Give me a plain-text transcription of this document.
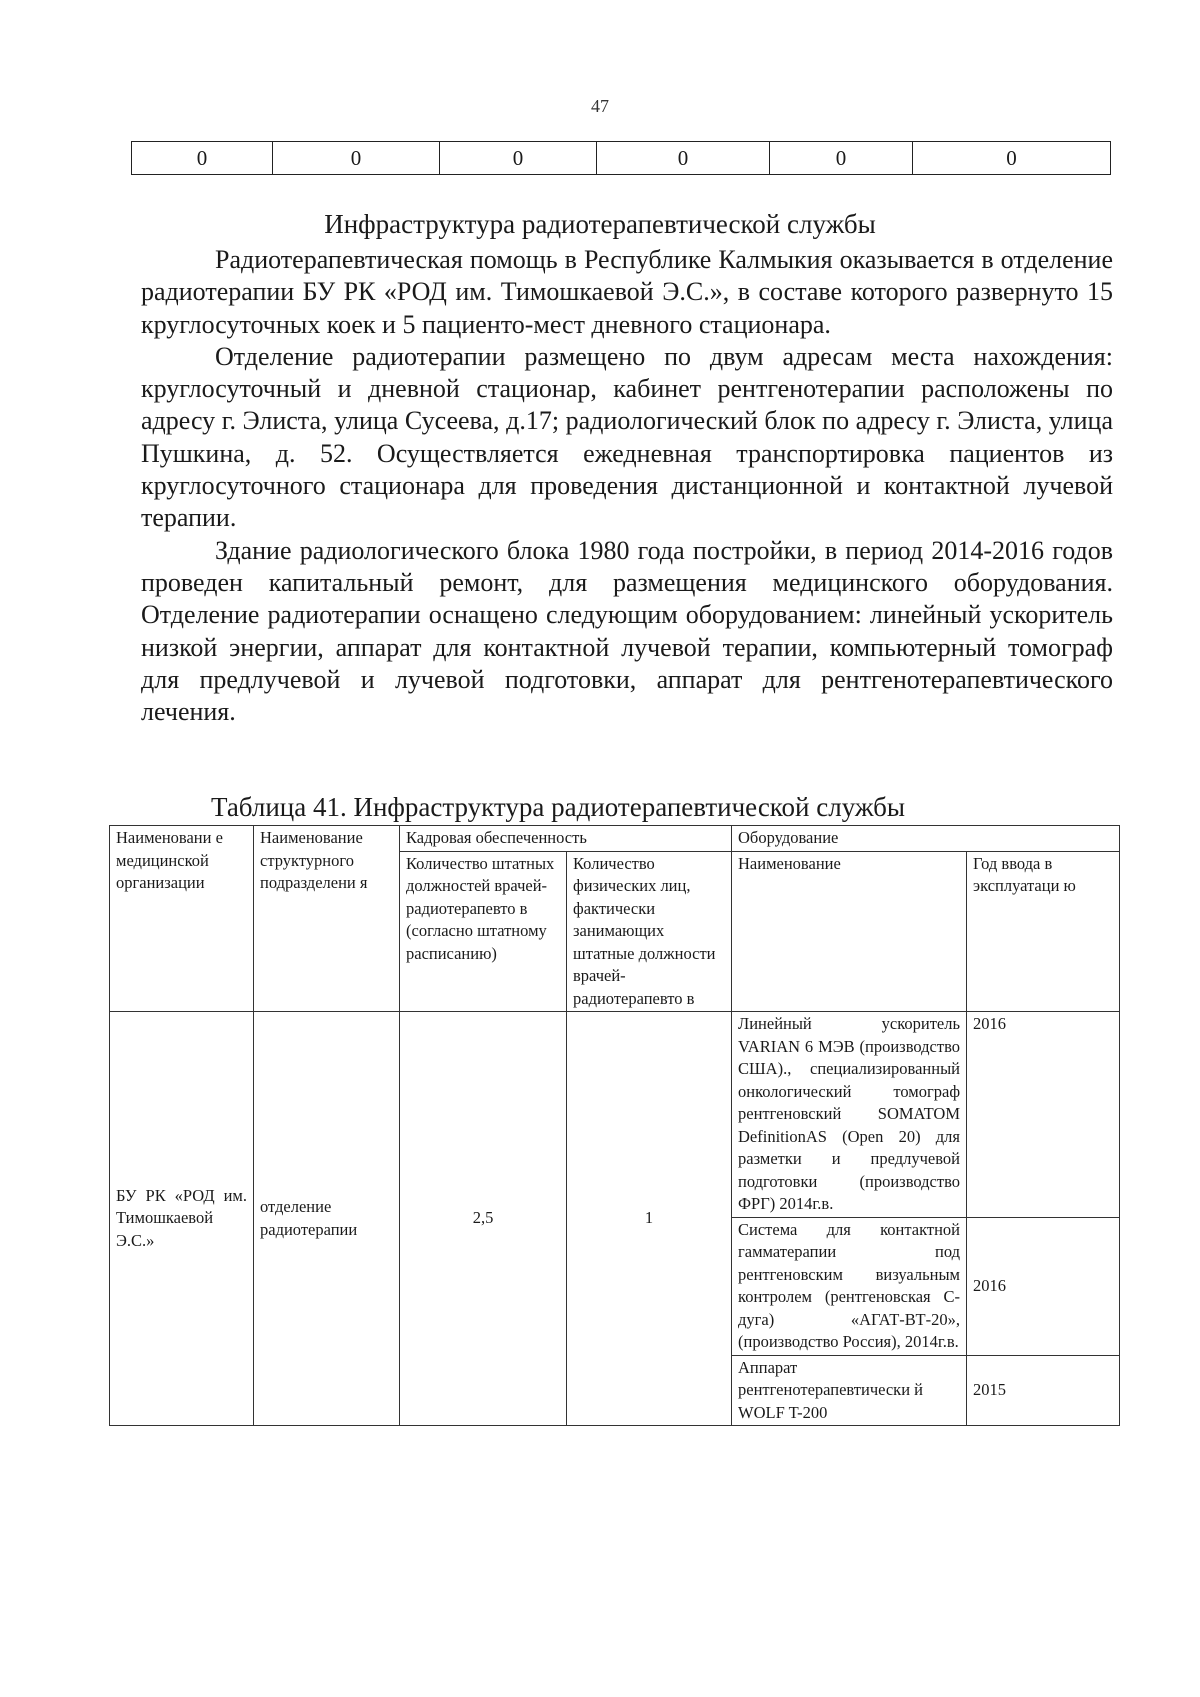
47
0	0	0	0	0	0
Инфраструктура радиотерапевтической службы

Радиотерапевтическая помощь в Республике Калмыкия оказывается в отделение радиотерапии БУ РК «РОД им. Тимошкаевой Э.С.», в составе которого развернуто 15 круглосуточных коек и 5 пациенто-мест дневного стационара.

Отделение радиотерапии размещено по двум адресам места нахождения: круглосуточный и дневной стационар, кабинет рентгенотерапии расположены по адресу г. Элиста, улица Сусеева, д.17; радиологический блок по адресу г. Элиста, улица Пушкина, д. 52. Осуществляется ежедневная транспортировка пациентов из круглосуточного стационара для проведения дистанционной и контактной лучевой терапии.

Здание радиологического блока 1980 года постройки, в период 2014-2016 годов проведен капитальный ремонт, для размещения медицинского оборудования. Отделение радиотерапии оснащено следующим оборудованием: линейный ускоритель низкой энергии, аппарат для контактной лучевой терапии, компьютерный томограф для предлучевой и лучевой подготовки, аппарат для рентгенотерапевтического лечения.

Таблица 41. Инфраструктура радиотерапевтической службы
Наименовани е медицинской организации	Наименование структурного подразделени я	Кадровая обеспеченность		Оборудование	
		Количество штатных должностей врачей-радиотерапевто в (согласно штатному расписанию)	Количество физических лиц, фактически занимающих штатные должности врачей-радиотерапевто в	Наименование	Год ввода в эксплуатаци ю
БУ РК «РОД им. Тимошкаевой Э.С.»	отделение радиотерапии	2,5	1	Линейный ускоритель VARIAN 6 МЭВ (производство США)., специализированный онкологический томограф рентгеновский SOMATOM DefinitionAS (Open 20) для разметки и предлучевой подготовки (производство ФРГ) 2014г.в.	2016
				Система для контактной гамматерапии под рентгеновским визуальным контролем (рентгеновская С-дуга) «АГАТ-ВТ-20», (производство Россия), 2014г.в.	2016
				Аппарат рентгенотерапевтически й WOLF T-200	2015
